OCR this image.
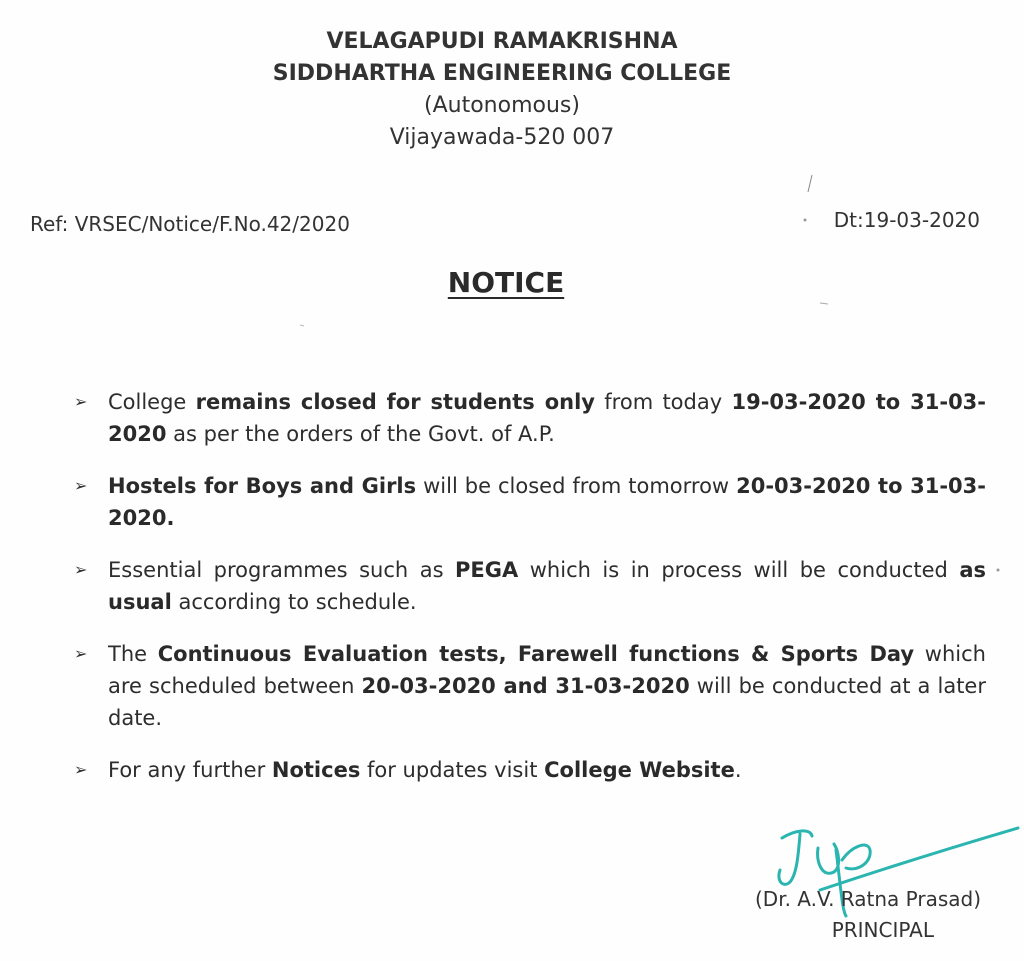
VELAGAPUDI RAMAKRISHNA
SIDDHARTHA ENGINEERING COLLEGE
(Autonomous)
Vijayawada-520 007
Ref: VRSEC/Notice/F.No.42/2020	Dt:19-03-2020
NOTICE
➢ College remains closed for students only from today 19-03-2020 to 31-03-2020 as per the orders of the Govt. of A.P.
➢ Hostels for Boys and Girls will be closed from tomorrow 20-03-2020 to 31-03-2020.
➢ Essential programmes such as PEGA which is in process will be conducted as usual according to schedule.
➢ The Continuous Evaluation tests, Farewell functions & Sports Day which are scheduled between 20-03-2020 and 31-03-2020 will be conducted at a later date.
➢ For any further Notices for updates visit College Website.
(Dr. A.V. Ratna Prasad)
PRINCIPAL
